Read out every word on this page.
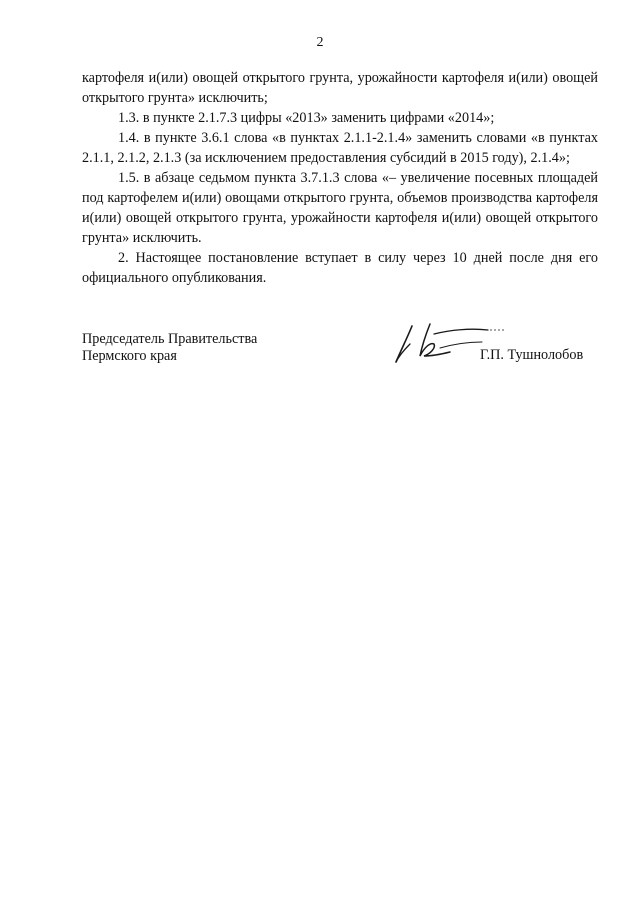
2

картофеля и(или) овощей открытого грунта, урожайности картофеля и(или) овощей открытого грунта» исключить;

1.3. в пункте 2.1.7.3 цифры «2013» заменить цифрами «2014»;

1.4. в пункте 3.6.1 слова «в пунктах 2.1.1-2.1.4» заменить словами «в пунктах 2.1.1, 2.1.2, 2.1.3 (за исключением предоставления субсидий в 2015 году), 2.1.4»;

1.5. в абзаце седьмом пункта 3.7.1.3 слова «– увеличение посевных площадей под картофелем и(или) овощами открытого грунта, объемов производства картофеля и(или) овощей открытого грунта, урожайности картофеля и(или) овощей открытого грунта» исключить.

2. Настоящее постановление вступает в силу через 10 дней после дня его официального опубликования.

Председатель Правительства
Пермского края	Г.П. Тушнолобов
